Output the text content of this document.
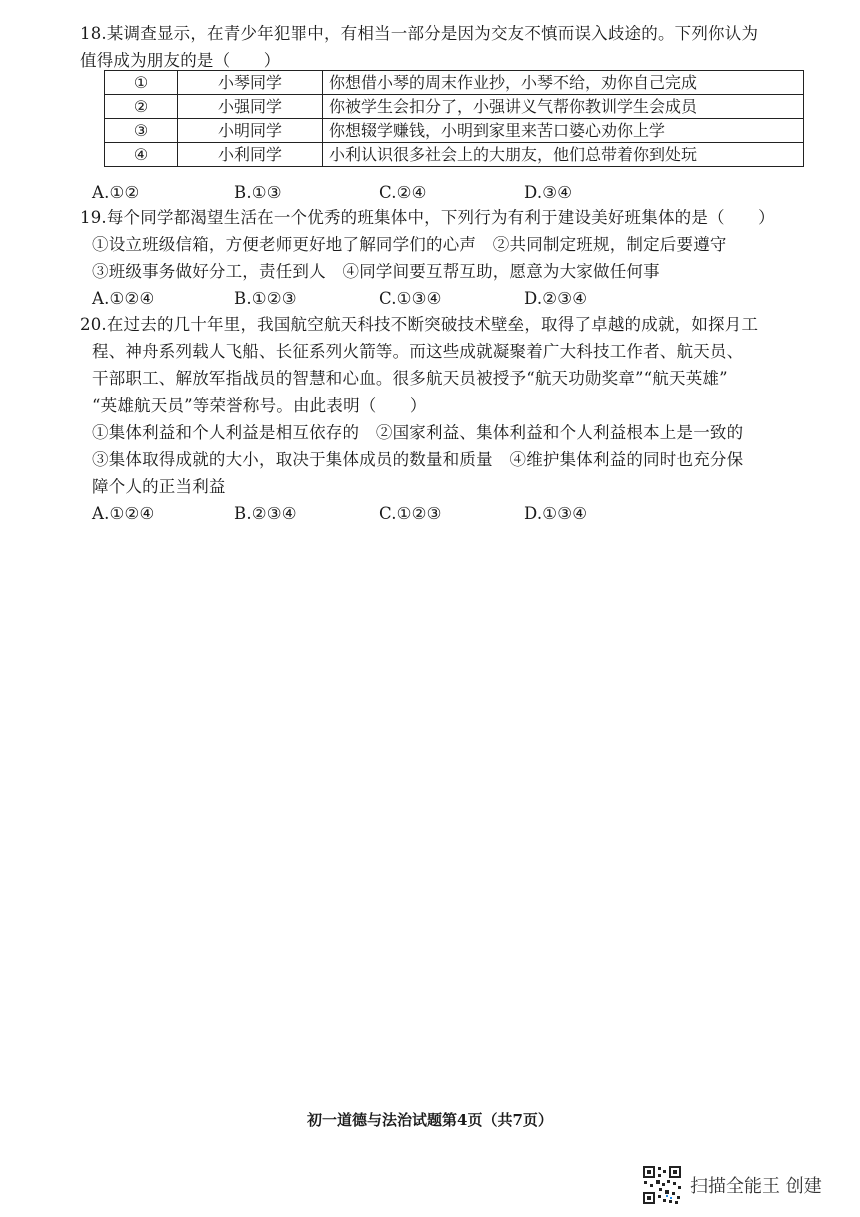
18.某调查显示，在青少年犯罪中，有相当一部分是因为交友不慎而误入歧途的。下列你认为
值得成为朋友的是（　　）
①	小琴同学	你想借小琴的周末作业抄，小琴不给，劝你自己完成
②	小强同学	你被学生会扣分了，小强讲义气帮你教训学生会成员
③	小明同学	你想辍学赚钱，小明到家里来苦口婆心劝你上学
④	小利同学	小利认识很多社会上的大朋友，他们总带着你到处玩
A.①②	B.①③	C.②④	D.③④
19.每个同学都渴望生活在一个优秀的班集体中，下列行为有利于建设美好班集体的是（　　）
①设立班级信箱，方便老师更好地了解同学们的心声　②共同制定班规，制定后要遵守
③班级事务做好分工，责任到人　④同学间要互帮互助，愿意为大家做任何事
A.①②④	B.①②③	C.①③④	D.②③④
20.在过去的几十年里，我国航空航天科技不断突破技术壁垒，取得了卓越的成就，如探月工
程、神舟系列载人飞船、长征系列火箭等。而这些成就凝聚着广大科技工作者、航天员、
干部职工、解放军指战员的智慧和心血。很多航天员被授予“航天功勋奖章”“航天英雄”
“英雄航天员”等荣誉称号。由此表明（　　）
①集体利益和个人利益是相互依存的　②国家利益、集体利益和个人利益根本上是一致的
③集体取得成就的大小，取决于集体成员的数量和质量　④维护集体利益的同时也充分保
障个人的正当利益
A.①②④	B.②③④	C.①②③	D.①③④
初一道德与法治试题第4页（共7页）
扫描全能王 创建
